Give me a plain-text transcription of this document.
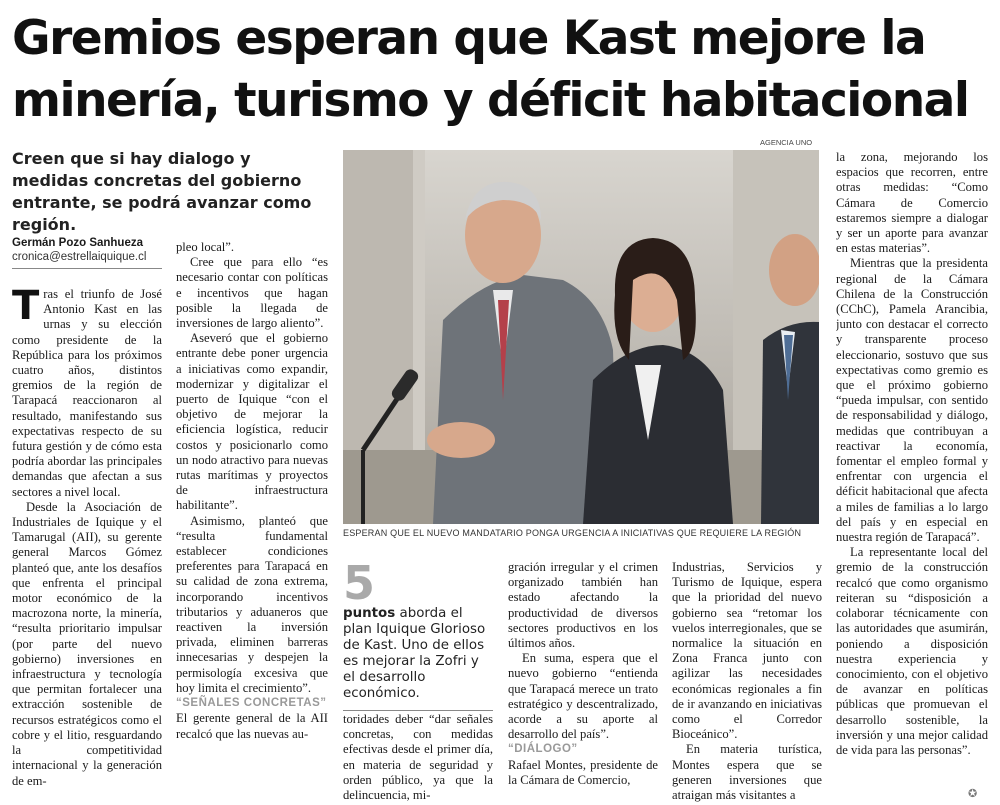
Gremios esperan que Kast mejore la minería, turismo y déficit habitacional

Creen que si hay dialogo y medidas concretas del gobierno entrante, se podrá avanzar como región.

Germán Pozo Sanhueza
cronica@estrellaiquique.cl

Tras el triunfo de José Antonio Kast en las urnas y su elección como presidente de la República para los próximos cuatro años, distintos gremios de la región de Tarapacá reaccionaron al resultado, manifestando sus expectativas respecto de su futura gestión y de cómo esta podría abordar las principales demandas que afectan a sus sectores a nivel local.

Desde la Asociación de Industriales de Iquique y el Tamarugal (AII), su gerente general Marcos Gómez planteó que, ante los desafíos que enfrenta el principal motor económico de la macrozona norte, la minería, “resulta prioritario impulsar (por parte del nuevo gobierno) inversiones en infraestructura y tecnología que permitan fortalecer una extracción sostenible de recursos estratégicos como el cobre y el litio, resguardando la competitividad internacional y la generación de em-

pleo local”.

Cree que para ello “es necesario contar con políticas e incentivos que hagan posible la llegada de inversiones de largo aliento”.

Aseveró que el gobierno entrante debe poner urgencia a iniciativas como expandir, modernizar y digitalizar el puerto de Iquique “con el objetivo de mejorar la eficiencia logística, reducir costos y posicionarlo como un nodo atractivo para nuevas rutas marítimas y proyectos de infraestructura habilitante”.

Asimismo, planteó que “resulta fundamental establecer condiciones preferentes para Tarapacá en su calidad de zona extrema, incorporando incentivos tributarios y aduaneros que reactiven la inversión privada, eliminen barreras innecesarias y despejen la permisología excesiva que hoy limita el crecimiento”.

“SEÑALES CONCRETAS”

El gerente general de la AII recalcó que las nuevas au-

AGENCIA UNO
ESPERAN QUE EL NUEVO MANDATARIO PONGA URGENCIA A INICIATIVAS QUE REQUIERE LA REGIÓN
5
puntos aborda el plan Iquique Glorioso de Kast. Uno de ellos es mejorar la Zofri y el desarrollo económico.

toridades deber “dar señales concretas, con medidas efectivas desde el primer día, en materia de seguridad y orden público, ya que la delincuencia, mi-

gración irregular y el crimen organizado también han estado afectando la productividad de diversos sectores productivos en los últimos años.

En suma, espera que el nuevo gobierno “entienda que Tarapacá merece un trato estratégico y descentralizado, acorde a su aporte al desarrollo del país”.

“DIÁLOGO”

Rafael Montes, presidente de la Cámara de Comercio,

Industrias, Servicios y Turismo de Iquique, espera que la prioridad del nuevo gobierno sea “retomar los vuelos interregionales, que se normalice la situación en Zona Franca junto con agilizar las necesidades económicas regionales a fin de ir avanzando en iniciativas como el Corredor Bioceánico”.

En materia turística, Montes espera que se generen inversiones que atraigan más visitantes a

la zona, mejorando los espacios que recorren, entre otras medidas: “Como Cámara de Comercio estaremos siempre a dialogar y ser un aporte para avanzar en estas materias”.

Mientras que la presidenta regional de la Cámara Chilena de la Construcción (CChC), Pamela Arancibia, junto con destacar el correcto y transparente proceso eleccionario, sostuvo que sus expectativas como gremio es que el próximo gobierno “pueda impulsar, con sentido de responsabilidad y diálogo, medidas que contribuyan a reactivar la economía, fomentar el empleo formal y enfrentar con urgencia el déficit habitacional que afecta a miles de familias a lo largo del país y en especial en nuestra región de Tarapacá”.

La representante local del gremio de la construcción recalcó que como organismo reiteran su “disposición a colaborar técnicamente con las autoridades que asumirán, poniendo a disposición nuestra experiencia y conocimiento, con el objetivo de avanzar en políticas públicas que promuevan el desarrollo sostenible, la inversión y una mejor calidad de vida para las personas”.

✪
